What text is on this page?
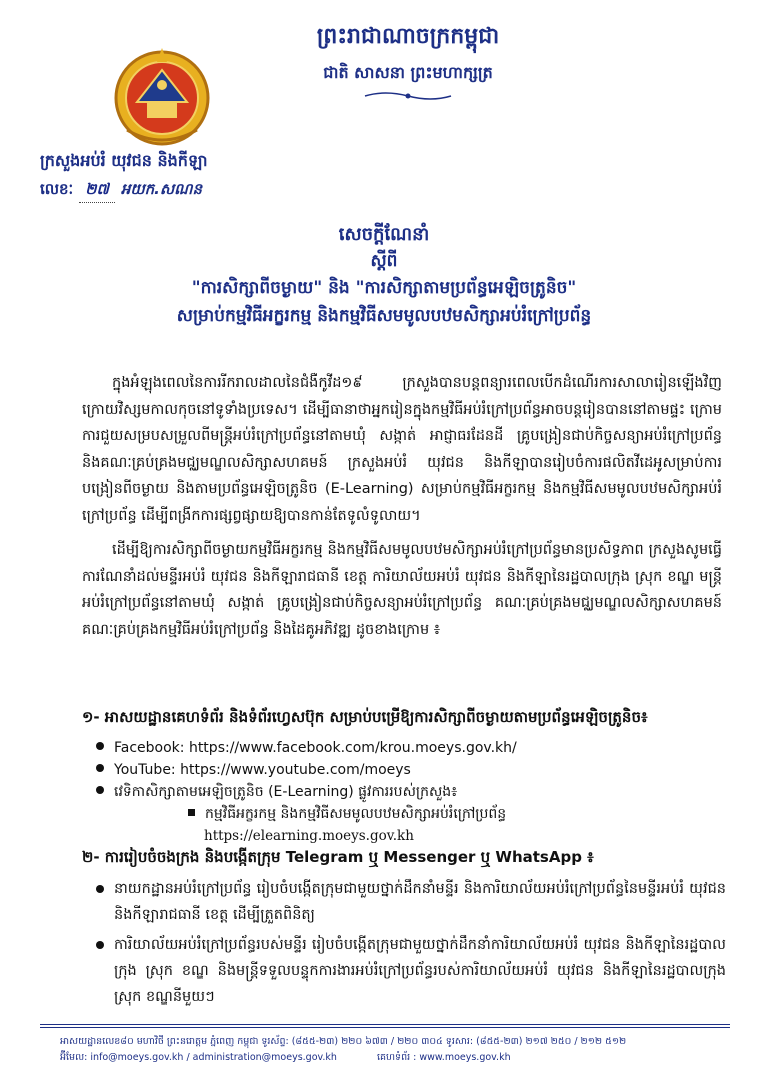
ព្រះរាជាណាចក្រកម្ពុជា
ជាតិ សាសនា ព្រះមហាក្សត្រ
ក្រសួងអប់រំ យុវជន និងកីឡា
លេខៈ ២៧ អយក.សណន
សេចក្តីណែនាំ
ស្តីពី
"ការសិក្សាពីចម្ងាយ" និង "ការសិក្សាតាមប្រព័ន្ធអេឡិចត្រូនិច"
សម្រាប់កម្មវិធីអក្ខរកម្ម និងកម្មវិធីសមមូលបឋមសិក្សាអប់រំក្រៅប្រព័ន្ធ

ក្នុងអំឡុងពេលនៃការរីករាលដាលនៃជំងឺកូវីដ១៩ ក្រសួងបានបន្តពន្យារពេលបើកដំណើរការសាលារៀនឡើងវិញក្រោយវិស្សមកាលកុចនៅទូទាំងប្រទេស។ ដើម្បីធានាថាអ្នករៀនក្នុងកម្មវិធីអប់រំក្រៅប្រព័ន្ធអាចបន្តរៀនបាននៅតាមផ្ទះ ក្រោមការជួយសម្របសម្រួលពីមន្ត្រីអប់រំក្រៅប្រព័ន្ធនៅតាមឃុំ សង្កាត់ អាជ្ញាធរដែនដី គ្រូបង្រៀនជាប់កិច្ចសន្យាអប់រំក្រៅប្រព័ន្ធ និងគណៈគ្រប់គ្រងមជ្ឈមណ្ឌលសិក្សាសហគមន៍ ក្រសួងអប់រំ យុវជន និងកីឡាបានរៀបចំការផលិតវីដេអូសម្រាប់ការបង្រៀនពីចម្ងាយ និងតាមប្រព័ន្ធអេឡិចត្រូនិច (E-Learning) សម្រាប់កម្មវិធីអក្ខរកម្ម និងកម្មវិធីសមមូលបឋមសិក្សាអប់រំក្រៅប្រព័ន្ធ ដើម្បីពង្រីកការផ្សព្វផ្សាយឱ្យបានកាន់តែទូលំទូលាយ។

ដើម្បីឱ្យការសិក្សាពីចម្ងាយកម្មវិធីអក្ខរកម្ម និងកម្មវិធីសមមូលបឋមសិក្សាអប់រំក្រៅប្រព័ន្ធមានប្រសិទ្ធភាព ក្រសួងសូមធ្វើការណែនាំដល់មន្ទីរអប់រំ យុវជន និងកីឡារាជធានី ខេត្ត ការិយាល័យអប់រំ យុវជន និងកីឡានៃរដ្ឋបាលក្រុង ស្រុក ខណ្ឌ មន្ត្រីអប់រំក្រៅប្រព័ន្ធនៅតាមឃុំ សង្កាត់ គ្រូបង្រៀនជាប់កិច្ចសន្យាអប់រំក្រៅប្រព័ន្ធ គណៈគ្រប់គ្រងមជ្ឈមណ្ឌលសិក្សាសហគមន៍ គណៈគ្រប់គ្រងកម្មវិធីអប់រំក្រៅប្រព័ន្ធ និងដៃគូអភិវឌ្ឍ ដូចខាងក្រោម ៖

១- អាសយដ្ឋានគេហទំព័រ និងទំព័រហ្វេសប៊ុក សម្រាប់បម្រើឱ្យការសិក្សាពីចម្ងាយតាមប្រព័ន្ធអេឡិចត្រូនិច៖
Facebook: https://www.facebook.com/krou.moeys.gov.kh/
YouTube: https://www.youtube.com/moeys
វេទិកាសិក្សាតាមអេឡិចត្រូនិច (E-Learning) ផ្លូវការរបស់ក្រសួង៖
កម្មវិធីអក្ខរកម្ម និងកម្មវិធីសមមូលបឋមសិក្សាអប់រំក្រៅប្រព័ន្ធ
https://elearning.moeys.gov.kh
២- ការរៀបចំចងក្រង និងបង្កើតក្រុម Telegram ឬ Messenger ឬ WhatsApp ៖
នាយកដ្ឋានអប់រំក្រៅប្រព័ន្ធ រៀបចំបង្កើតក្រុមជាមួយថ្នាក់ដឹកនាំមន្ទីរ និងការិយាល័យអប់រំក្រៅប្រព័ន្ធនៃមន្ទីរអប់រំ យុវជន និងកីឡារាជធានី ខេត្ត ដើម្បីត្រួតពិនិត្យ
ការិយាល័យអប់រំក្រៅប្រព័ន្ធរបស់មន្ទីរ រៀបចំបង្កើតក្រុមជាមួយថ្នាក់ដឹកនាំការិយាល័យអប់រំ យុវជន និងកីឡានៃរដ្ឋបាលក្រុង ស្រុក ខណ្ឌ និងមន្ត្រីទទួលបន្ទុកការងារអប់រំក្រៅប្រព័ន្ធរបស់ការិយាល័យអប់រំ យុវជន និងកីឡានៃរដ្ឋបាលក្រុង ស្រុក ខណ្ឌនីមួយៗ
អាសយដ្ឋានលេខ៨០ មហាវិថី ព្រះនរោត្តម ភ្នំពេញ កម្ពុជា ទូរស័ព្ទ: (៨៥៥-២៣) ២២០ ៦៧៣ / ២២០ ៣០៤ ទូរសារ: (៨៥៥-២៣) ២១៧ ២៥០ / ២១២ ៥១២
អ៊ីមែល: info@moeys.gov.kh / administration@moeys.gov.kh	គេហទំព័រ : www.moeys.gov.kh
